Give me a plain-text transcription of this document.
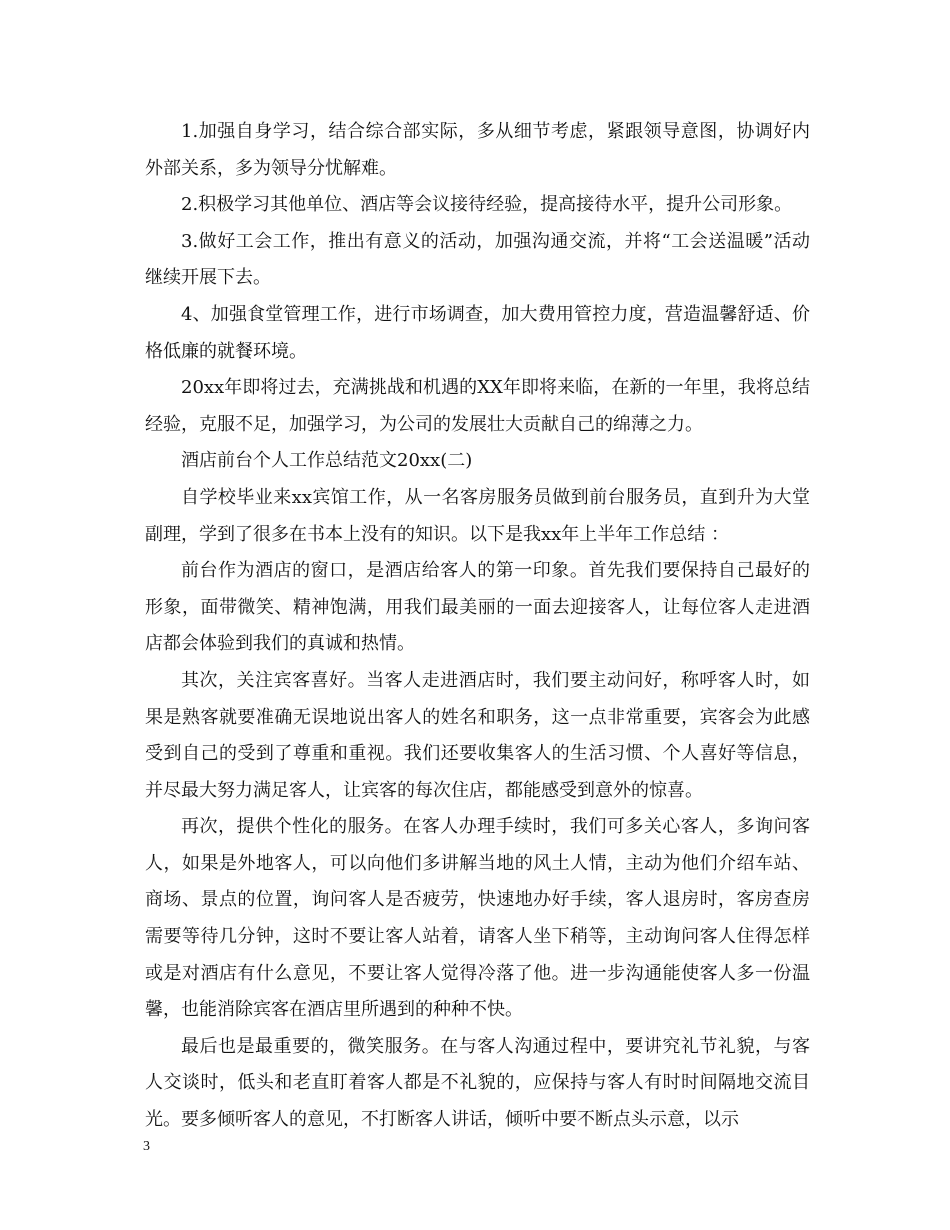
1.加强自身学习，结合综合部实际，多从细节考虑，紧跟领导意图，协调好内外部关系，多为领导分忧解难。

2.积极学习其他单位、酒店等会议接待经验，提高接待水平，提升公司形象。

3.做好工会工作，推出有意义的活动，加强沟通交流，并将“工会送温暖”活动继续开展下去。

4、加强食堂管理工作，进行市场调查，加大费用管控力度，营造温馨舒适、价格低廉的就餐环境。

20xx年即将过去，充满挑战和机遇的XX年即将来临，在新的一年里，我将总结经验，克服不足，加强学习，为公司的发展壮大贡献自己的绵薄之力。

酒店前台个人工作总结范文20xx(二)

自学校毕业来xx宾馆工作，从一名客房服务员做到前台服务员，直到升为大堂副理，学到了很多在书本上没有的知识。以下是我xx年上半年工作总结 ：

前台作为酒店的窗口，是酒店给客人的第一印象。首先我们要保持自己最好的形象，面带微笑、精神饱满，用我们最美丽的一面去迎接客人，让每位客人走进酒店都会体验到我们的真诚和热情。

其次，关注宾客喜好。当客人走进酒店时，我们要主动问好，称呼客人时，如果是熟客就要准确无误地说出客人的姓名和职务，这一点非常重要，宾客会为此感受到自己的受到了尊重和重视。我们还要收集客人的生活习惯、个人喜好等信息，并尽最大努力满足客人，让宾客的每次住店，都能感受到意外的惊喜。

再次，提供个性化的服务。在客人办理手续时，我们可多关心客人，多询问客人，如果是外地客人，可以向他们多讲解当地的风土人情，主动为他们介绍车站、商场、景点的位置，询问客人是否疲劳，快速地办好手续，客人退房时，客房查房需要等待几分钟，这时不要让客人站着，请客人坐下稍等，主动询问客人住得怎样或是对酒店有什么意见，不要让客人觉得冷落了他。进一步沟通能使客人多一份温馨，也能消除宾客在酒店里所遇到的种种不快。

最后也是最重要的，微笑服务。在与客人沟通过程中，要讲究礼节礼貌，与客人交谈时，低头和老直盯着客人都是不礼貌的，应保持与客人有时时间隔地交流目光。要多倾听客人的意见，不打断客人讲话，倾听中要不断点头示意，以示

3
